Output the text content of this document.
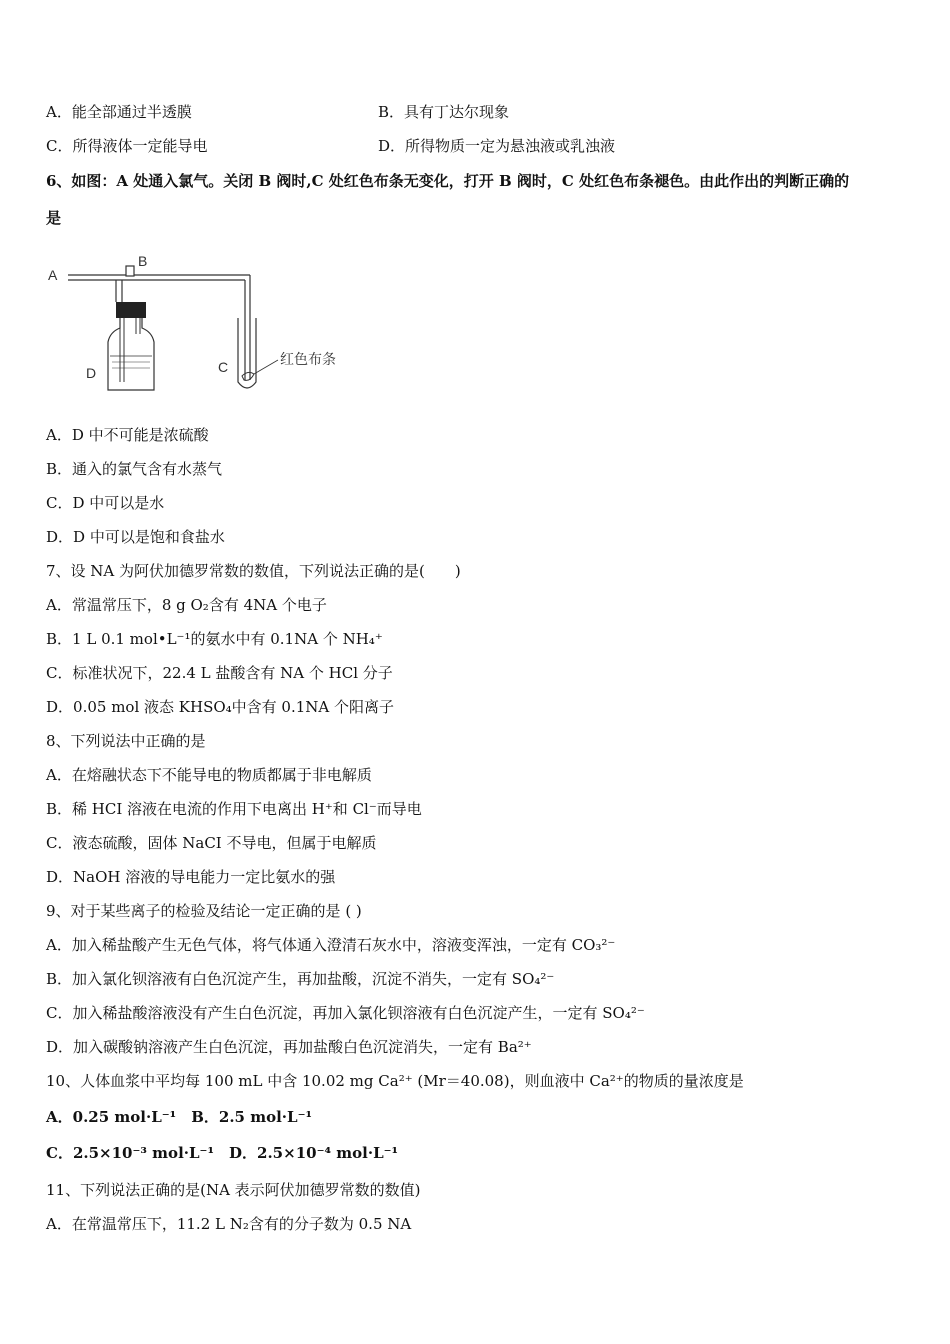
A．能全部通过半透膜	B．具有丁达尔现象
C．所得液体一定能导电	D．所得物质一定为悬浊液或乳浊液
6、如图：A 处通入氯气。关闭 B 阀时,C 处红色布条无变化，打开 B 阀时，C 处红色布条褪色。由此作出的判断正确的
是
A
B
D	C	红色布条
A．D 中不可能是浓硫酸
B．通入的氯气含有水蒸气
C．D 中可以是水
D．D 中可以是饱和食盐水
7、设 NA 为阿伏加德罗常数的数值，下列说法正确的是(　　)
A．常温常压下，8 g O₂含有 4NA 个电子
B．1 L 0.1 mol•L⁻¹的氨水中有 0.1NA 个 NH₄⁺
C．标准状况下，22.4 L 盐酸含有 NA 个 HCl 分子
D．0.05 mol 液态 KHSO₄中含有 0.1NA 个阳离子
8、下列说法中正确的是
A．在熔融状态下不能导电的物质都属于非电解质
B．稀 HCI 溶液在电流的作用下电离出 H⁺和 Cl⁻而导电
C．液态硫酸，固体 NaCI 不导电，但属于电解质
D．NaOH 溶液的导电能力一定比氨水的强
9、对于某些离子的检验及结论一定正确的是 ( )
A．加入稀盐酸产生无色气体，将气体通入澄清石灰水中，溶液变浑浊，一定有 CO₃²⁻
B．加入氯化钡溶液有白色沉淀产生，再加盐酸，沉淀不消失，一定有 SO₄²⁻
C．加入稀盐酸溶液没有产生白色沉淀，再加入氯化钡溶液有白色沉淀产生，一定有 SO₄²⁻
D．加入碳酸钠溶液产生白色沉淀，再加盐酸白色沉淀消失，一定有 Ba²⁺
10、人体血浆中平均每 100 mL 中含 10.02 mg Ca²⁺ (Mr＝40.08)，则血液中 Ca²⁺的物质的量浓度是
A．0.25 mol·L⁻¹　B．2.5 mol·L⁻¹
C．2.5×10⁻³ mol·L⁻¹　D．2.5×10⁻⁴ mol·L⁻¹
11、下列说法正确的是(NA 表示阿伏加德罗常数的数值)
A．在常温常压下，11.2 L N₂含有的分子数为 0.5 NA
